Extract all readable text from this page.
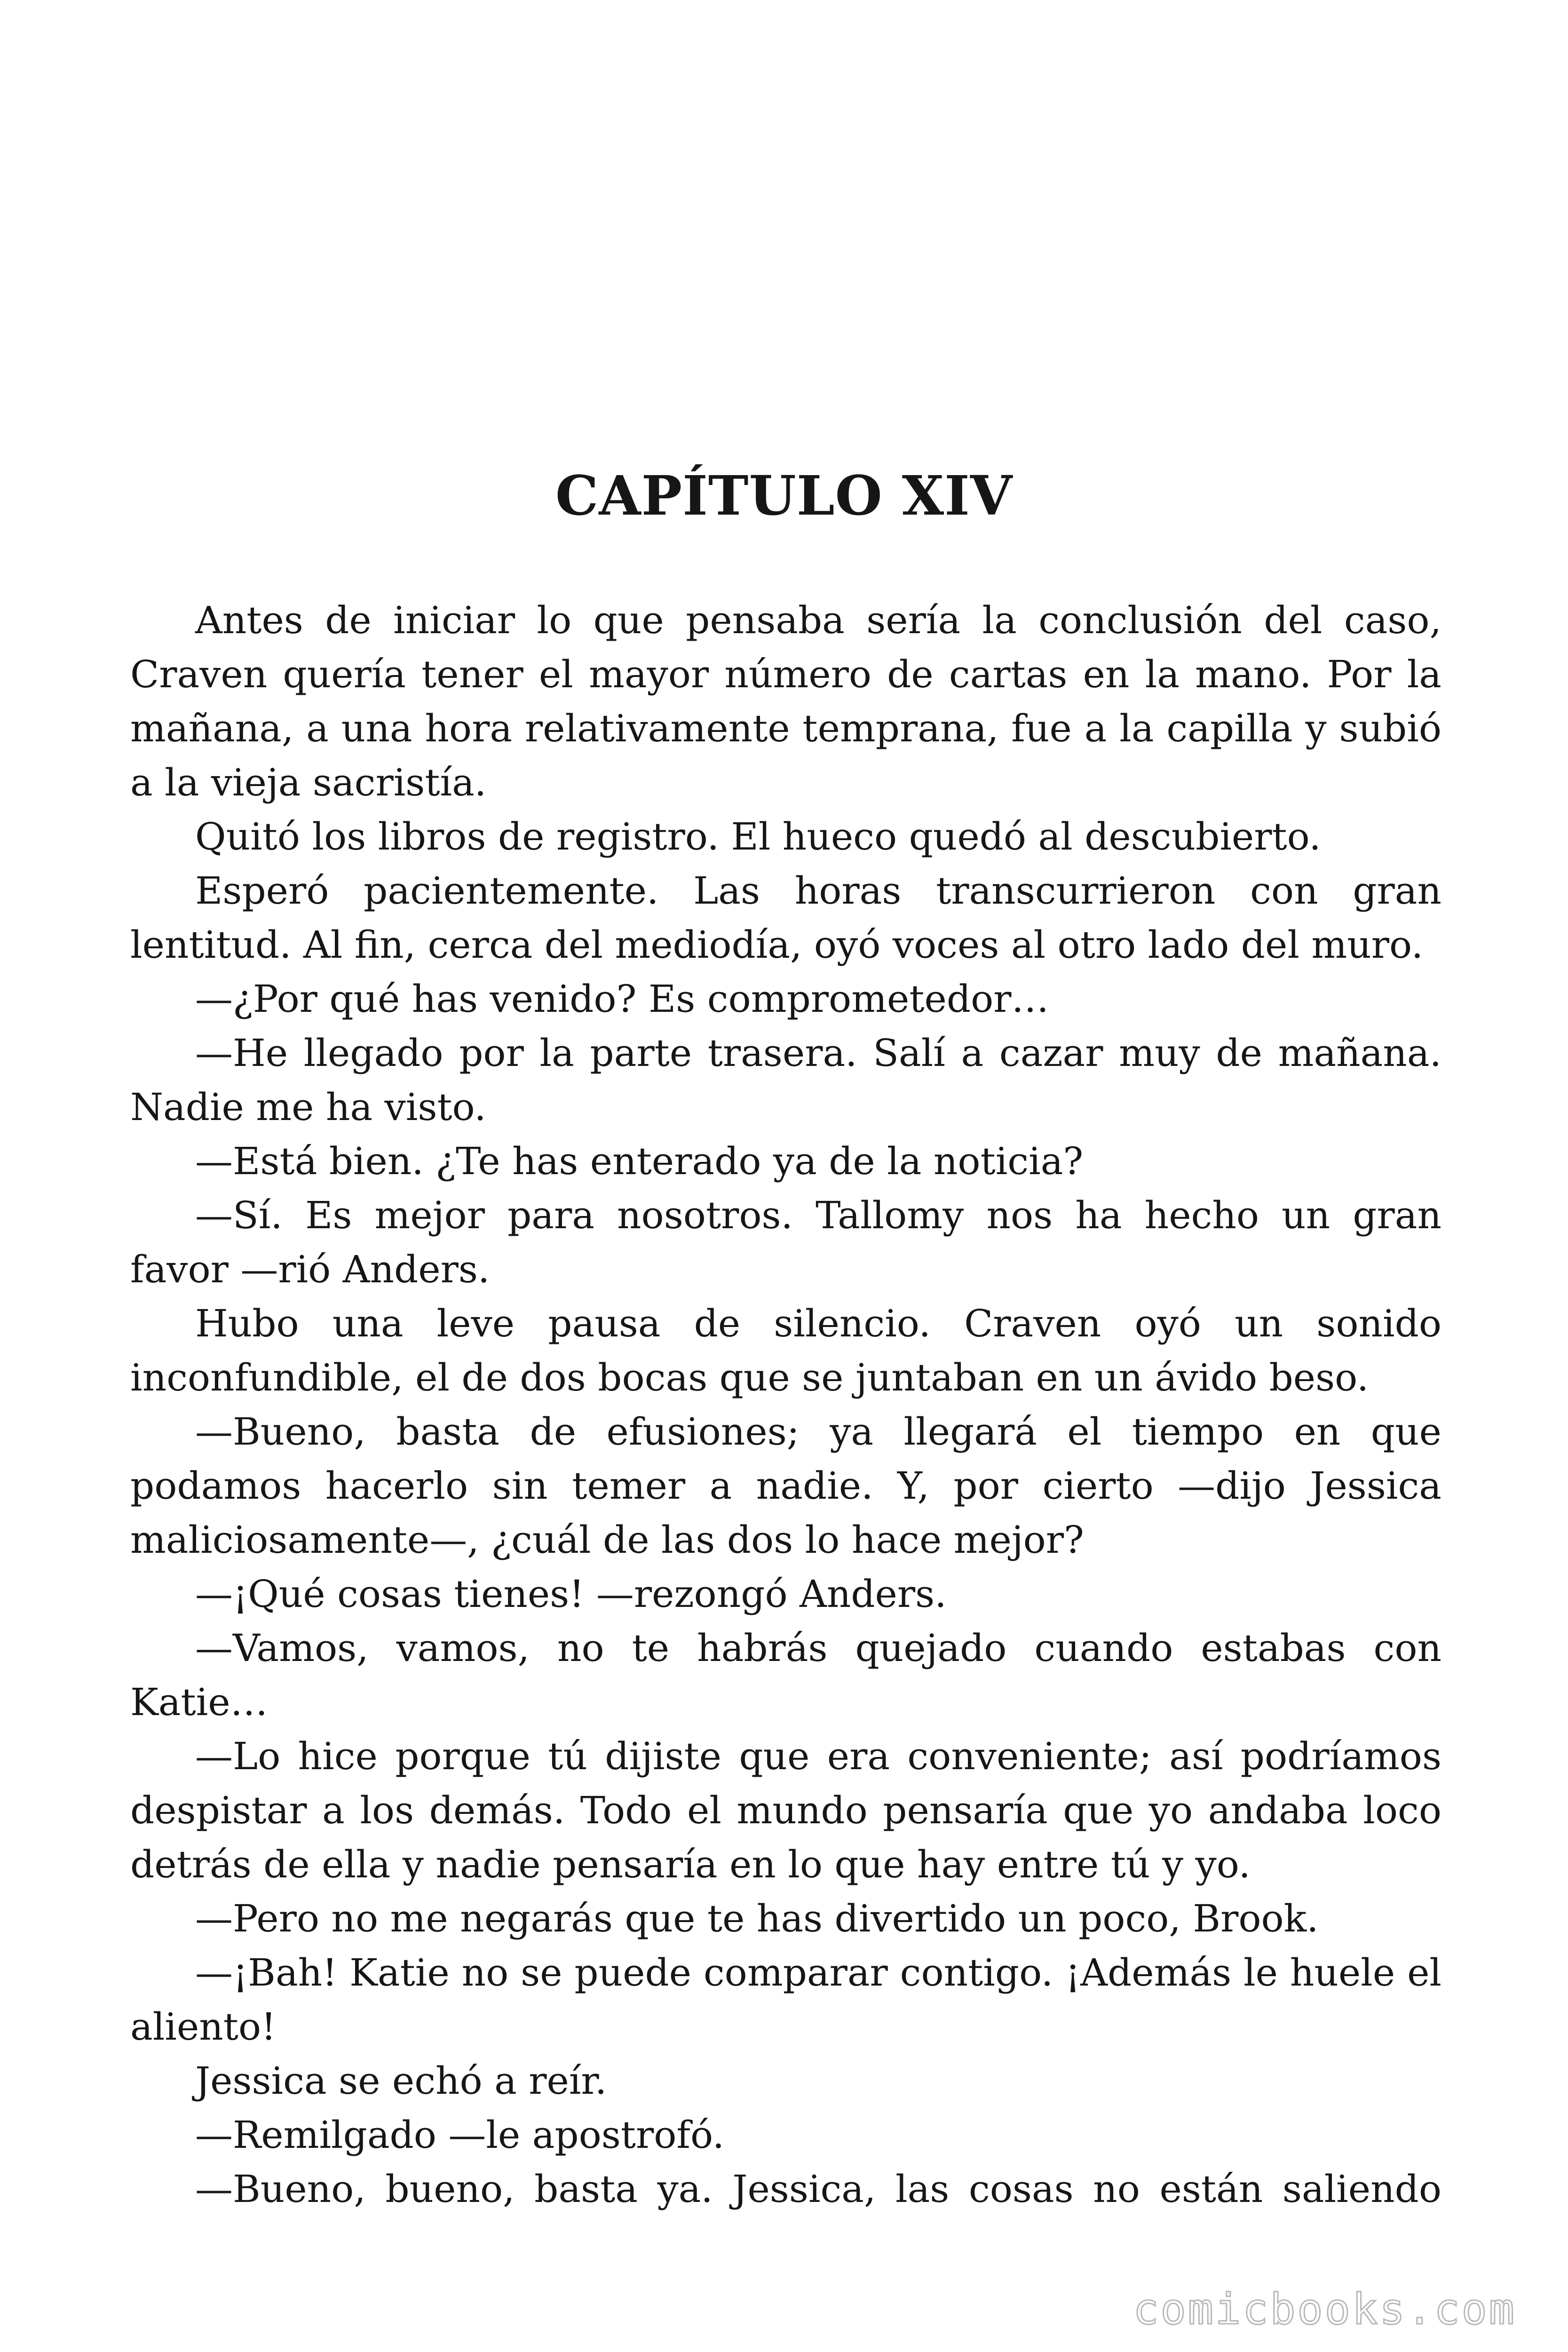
CAPÍTULO XIV

Antes de iniciar lo que pensaba sería la conclusión del caso, Craven quería tener el mayor número de cartas en la mano. Por la mañana, a una hora relativamente temprana, fue a la capilla y subió a la vieja sacristía.

Quitó los libros de registro. El hueco quedó al descubierto.

Esperó pacientemente. Las horas transcurrieron con gran lentitud. Al fin, cerca del mediodía, oyó voces al otro lado del muro.

—¿Por qué has venido? Es comprometedor…

—He llegado por la parte trasera. Salí a cazar muy de mañana. Nadie me ha visto.

—Está bien. ¿Te has enterado ya de la noticia?

—Sí. Es mejor para nosotros. Tallomy nos ha hecho un gran favor —rió Anders.

Hubo una leve pausa de silencio. Craven oyó un sonido inconfundible, el de dos bocas que se juntaban en un ávido beso.

—Bueno, basta de efusiones; ya llegará el tiempo en que podamos hacerlo sin temer a nadie. Y, por cierto —dijo Jessica maliciosamente—, ¿cuál de las dos lo hace mejor?

—¡Qué cosas tienes! —rezongó Anders.

—Vamos, vamos, no te habrás quejado cuando estabas con Katie…

—Lo hice porque tú dijiste que era conveniente; así podríamos despistar a los demás. Todo el mundo pensaría que yo andaba loco detrás de ella y nadie pensaría en lo que hay entre tú y yo.

—Pero no me negarás que te has divertido un poco, Brook.

—¡Bah! Katie no se puede comparar contigo. ¡Además le huele el aliento!

Jessica se echó a reír.

—Remilgado —le apostrofó.

—Bueno, bueno, basta ya. Jessica, las cosas no están saliendo

comicbooks.com
